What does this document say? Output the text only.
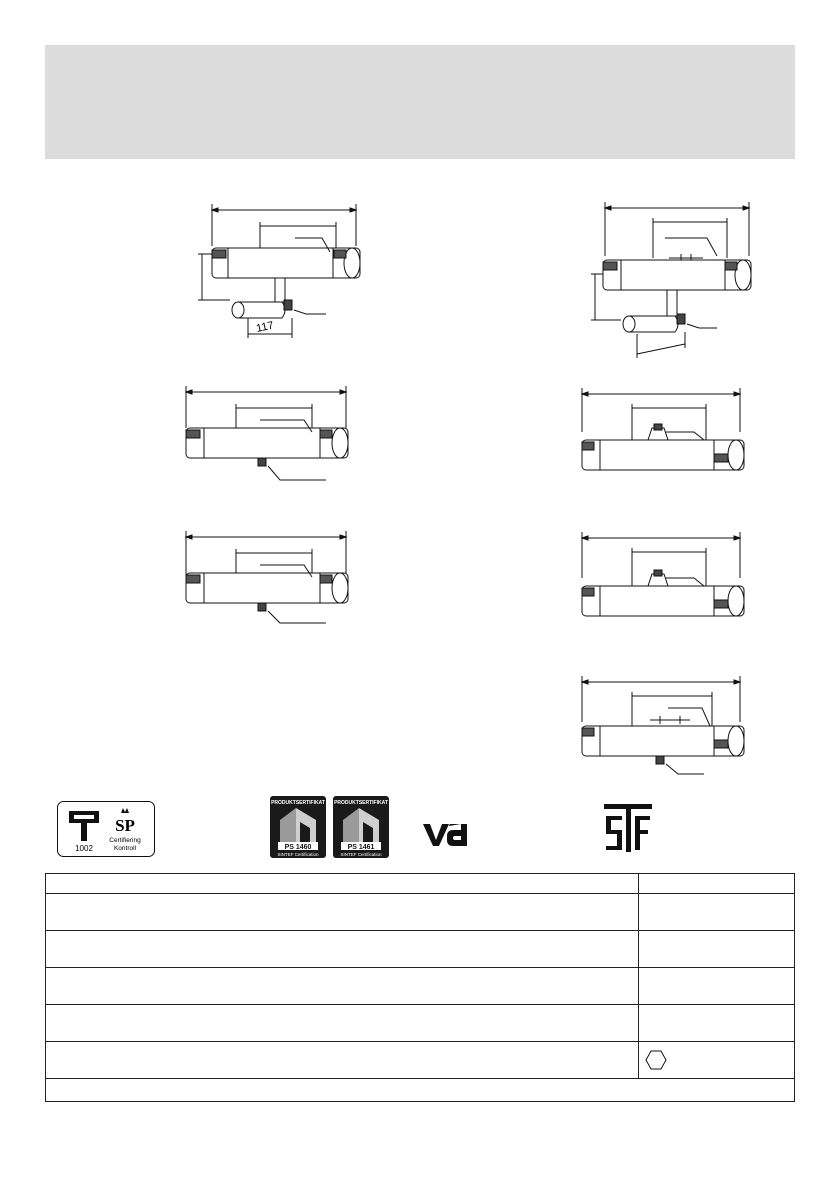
117
1002
SP
Certifiering
Kontroll
PRODUKTSERTIFIKAT
PS 1460
SINTEF Certification
PRODUKTSERTIFIKAT
PS 1461
SINTEF Certification
